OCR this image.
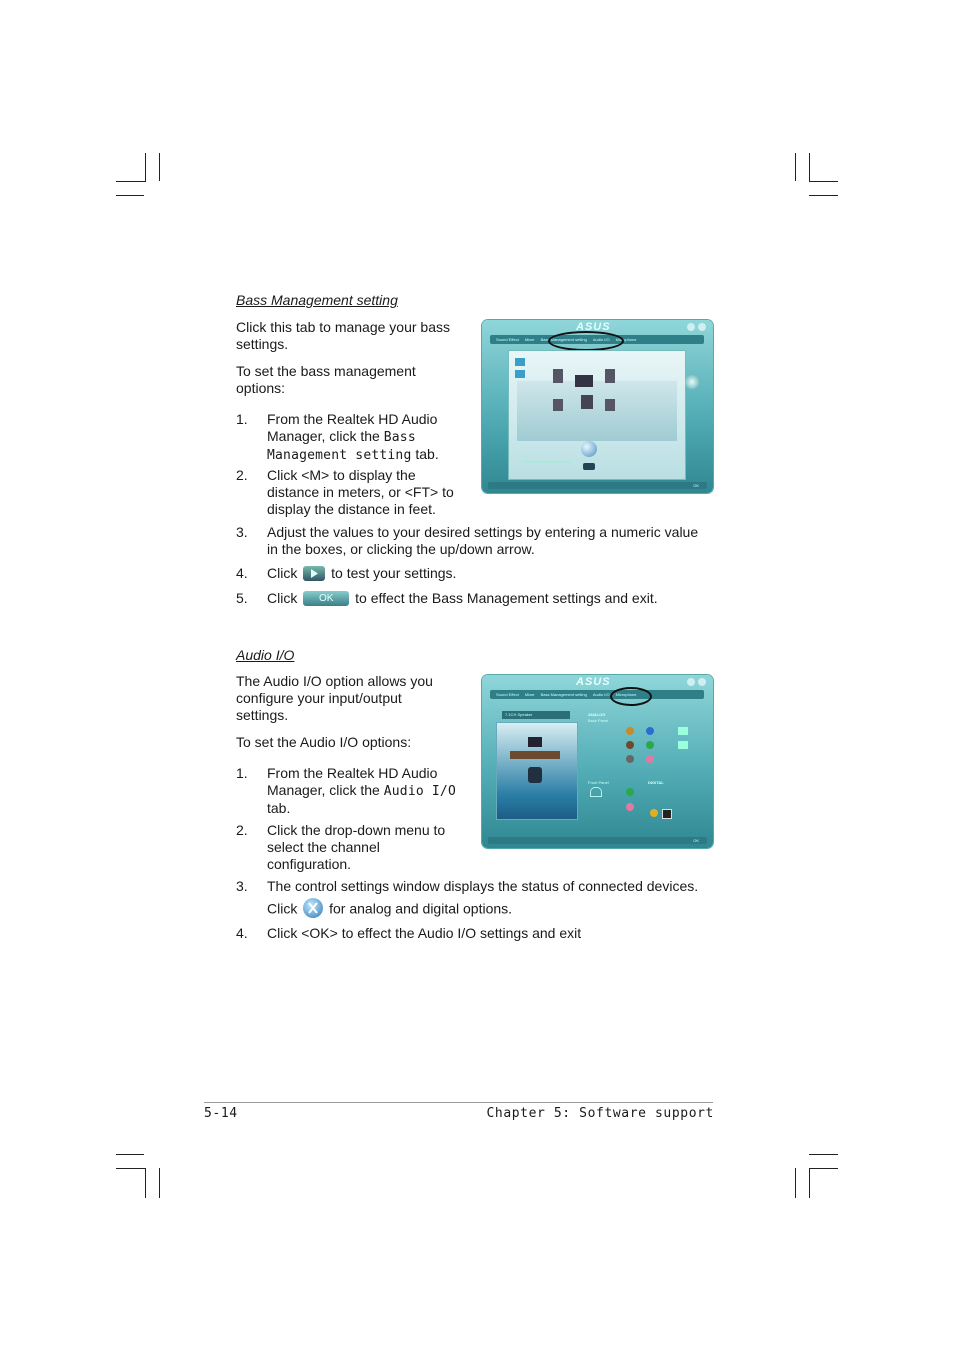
Bass Management setting
Click this tab to manage your bass
settings.
To set the bass management
options:
1. From the Realtek HD Audio
Manager, click the Bass
Management setting tab.
2. Click <M> to display the
distance in meters, or <FT> to
display the distance in feet.
3. Adjust the values to your desired settings by entering a numeric value
in the boxes, or clicking the up/down arrow.
4. Click to test your settings.
5. Click OK to effect the Bass Management settings and exit.
ASUS
Sound Effect Mixer Bass Management setting Audio I/O Microphone
Enable Bass Management
OK
Audio I/O
The Audio I/O option allows you
configure your input/output
settings.
To set the Audio I/O options:
1. From the Realtek HD Audio
Manager, click the Audio I/O
tab.
2. Click the drop-down menu to
select the channel
configuration.
3. The control settings window displays the status of connected devices.
Click for analog and digital options.
4. Click <OK> to effect the Audio I/O settings and exit
ASUS
Sound Effect Mixer Bass Management setting Audio I/O Microphone
7.1CH Speaker	ANALOG
Back Panel
Front Panel	DIGITAL
OK
5-14	Chapter 5: Software support
